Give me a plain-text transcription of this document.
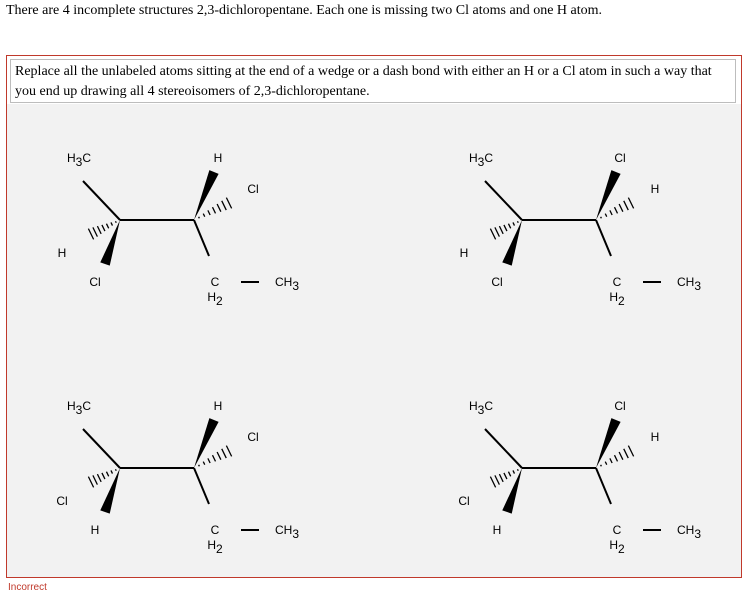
There are 4 incomplete structures 2,3-dichloropentane. Each one is missing two Cl atoms and one H atom.
Replace all the unlabeled atoms sitting at the end of a wedge or a dash bond with either an H or a Cl atom in such a way that you end up drawing all 4 stereoisomers of 2,3-dichloropentane.
H3C
H
Cl
H
Cl
C
H2
CH3
H3C
H
Cl
Cl
H
C
H2
CH3
H3C
Cl
H
H
Cl
C
H2
CH3
H3C
Cl
H
Cl
H
C
H2
CH3
Incorrect
